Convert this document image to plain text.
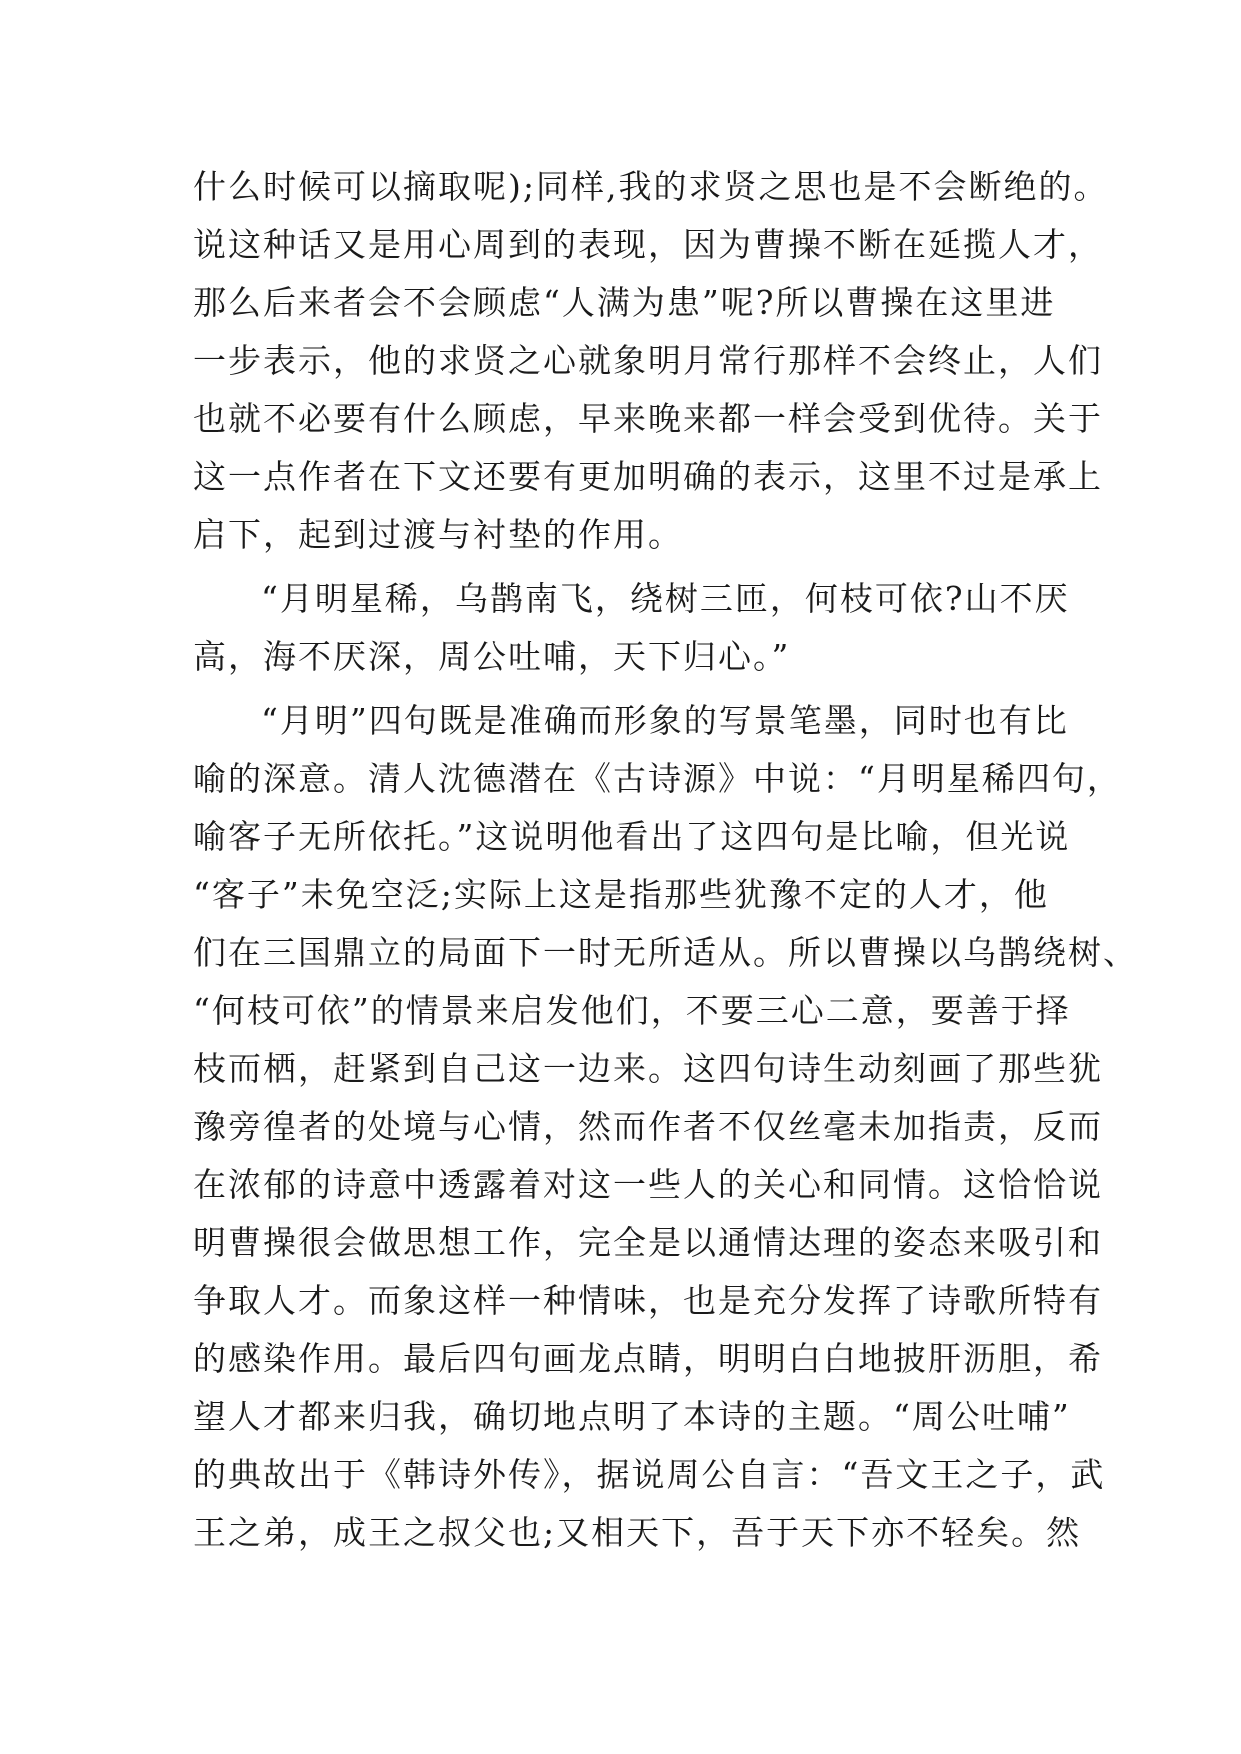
什么时候可以摘取呢);同样,我的求贤之思也是不会断绝的。
说这种话又是用心周到的表现，因为曹操不断在延揽人才，
那么后来者会不会顾虑“人满为患”呢?所以曹操在这里进
一步表示，他的求贤之心就象明月常行那样不会终止，人们
也就不必要有什么顾虑，早来晚来都一样会受到优待。关于
这一点作者在下文还要有更加明确的表示，这里不过是承上
启下，起到过渡与衬垫的作用。
“月明星稀，乌鹊南飞，绕树三匝，何枝可依?山不厌
高，海不厌深，周公吐哺，天下归心。”
“月明”四句既是准确而形象的写景笔墨，同时也有比
喻的深意。清人沈德潜在《古诗源》中说：“月明星稀四句，
喻客子无所依托。”这说明他看出了这四句是比喻，但光说
“客子”未免空泛;实际上这是指那些犹豫不定的人才，他
们在三国鼎立的局面下一时无所适从。所以曹操以乌鹊绕树、
“何枝可依”的情景来启发他们，不要三心二意，要善于择
枝而栖，赶紧到自己这一边来。这四句诗生动刻画了那些犹
豫旁徨者的处境与心情，然而作者不仅丝毫未加指责，反而
在浓郁的诗意中透露着对这一些人的关心和同情。这恰恰说
明曹操很会做思想工作，完全是以通情达理的姿态来吸引和
争取人才。而象这样一种情味，也是充分发挥了诗歌所特有
的感染作用。最后四句画龙点睛，明明白白地披肝沥胆，希
望人才都来归我，确切地点明了本诗的主题。“周公吐哺”
的典故出于《韩诗外传》，据说周公自言：“吾文王之子，武
王之弟，成王之叔父也;又相天下，吾于天下亦不轻矣。然
